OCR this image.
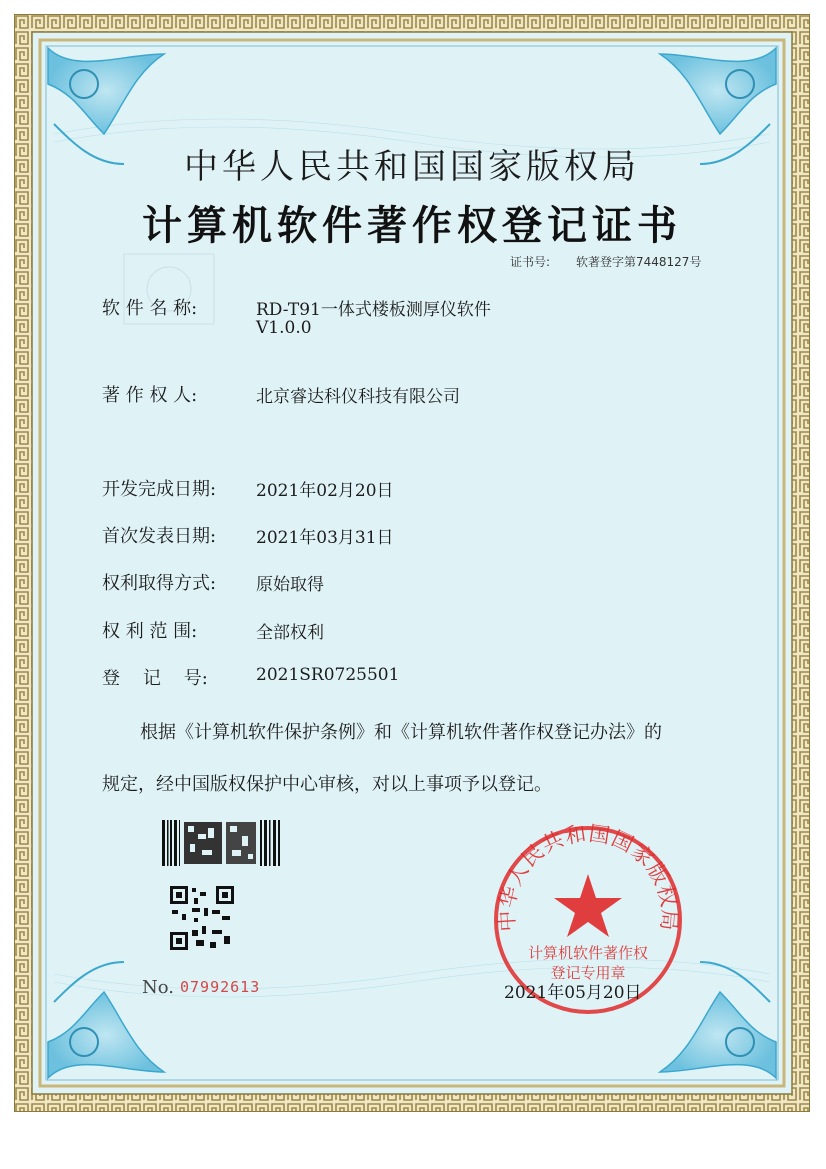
中华人民共和国国家版权局
计算机软件著作权登记证书
证书号: 软著登字第7448127号
软 件 名 称:	RD-T91一体式楼板测厚仪软件
V1.0.0
著 作 权 人:	北京睿达科仪科技有限公司
开发完成日期: 2021年02月20日
首次发表日期: 2021年03月31日
权利取得方式: 原始取得
权 利 范 围:	全部权利
登    记    号:	2021SR0725501
根据《计算机软件保护条例》和《计算机软件著作权登记办法》的
规定，经中国版权保护中心审核，对以上事项予以登记。
No. 07992613
中华人民共和国国家版权局
计算机软件著作权
登记专用章
2021年05月20日
